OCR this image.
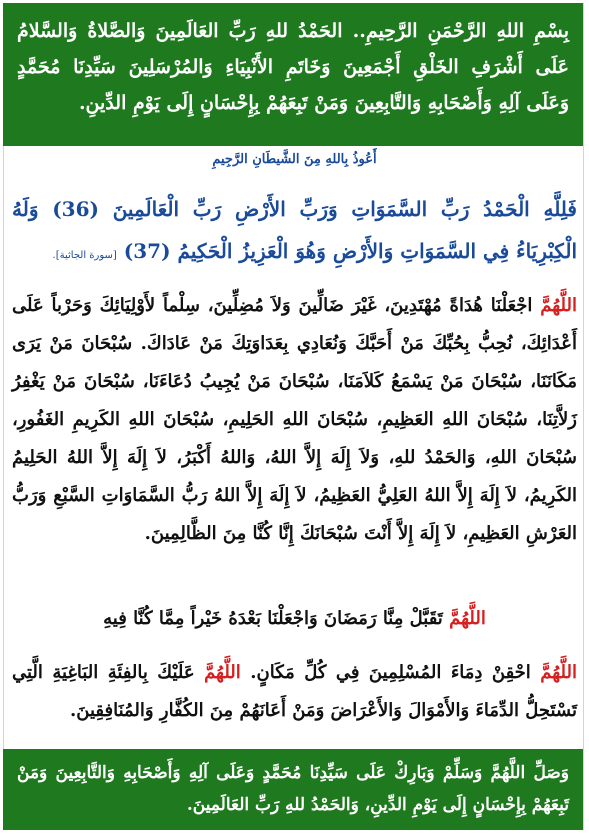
بِسْمِ اللهِ الرَّحْمَنِ الرَّحِيمِ.. الحَمْدُ للهِ رَبِّ العَالَمِينَ وَالصَّلاةُ وَالسَّلامُ عَلَى أَشْرَفِ الخَلْقِ أَجْمَعِينَ وَخَاتَمِ الأَنْبِيَاءِ وَالمُرْسَلِينَ سَيِّدِنَا مُحَمَّدٍ وَعَلَى آلِهِ وَأَصْحَابِهِ وَالتَّابِعِينَ وَمَنْ تَبِعَهُمْ بِإِحْسَانٍ إِلَى يَوْمِ الدِّينِ.
أَعُوذُ بِاللهِ مِنَ الشَّيطَانِ الرَّجِيمِ
فَلِلَّهِ الْحَمْدُ رَبِّ السَّمَوَاتِ وَرَبِّ الأَرْضِ رَبِّ الْعَالَمِينَ (36) وَلَهُ الْكِبْرِيَاءُ فِي السَّمَوَاتِ وَالأَرْضِ وَهُوَ الْعَزِيزُ الْحَكِيمُ (37) [سورة الجاثية].
اللَّهُمَّ اجْعَلْنَا هُدَاةً مُهْتَدِينَ، غَيْرَ ضَالِّينَ وَلاَ مُضِلِّينَ، سِلْماً لأَوْلِيَائِكَ وَحَرْباً عَلَى أَعْدَائِكَ، نُحِبُّ بِحُبِّكَ مَنْ أَحَبَّكَ وَنُعَادِي بِعَدَاوَتِكَ مَنْ عَادَاكَ. سُبْحَانَ مَنْ يَرَى مَكَانَنَا، سُبْحَانَ مَنْ يَسْمَعُ كَلاَمَنَا، سُبْحَانَ مَنْ يُجِيبُ دُعَاءَنَا، سُبْحَانَ مَنْ يَغْفِرُ زَلاَّتِنَا، سُبْحَانَ اللهِ العَظِيمِ، سُبْحَانَ اللهِ الحَلِيمِ، سُبْحَانَ اللهِ الكَرِيمِ الغَفُورِ، سُبْحَانَ اللهِ، وَالحَمْدُ للهِ، وَلاَ إِلَهَ إِلاَّ اللهُ، وَاللهُ أَكْبَرُ، لاَ إِلَهَ إِلاَّ اللهُ الحَلِيمُ الكَرِيمُ، لاَ إِلَهَ إِلاَّ اللهُ العَلِيُّ العَظِيمُ، لاَ إِلَهَ إِلاَّ اللهُ رَبُّ السَّمَاوَاتِ السَّبْعِ وَرَبُّ العَرْشِ العَظِيمِ، لاَ إِلَهَ إِلاَّ أَنْتَ سُبْحَانَكَ إِنَّا كُنَّا مِنَ الظَّالِمِينَ.
اللَّهُمَّ تَقَبَّلْ مِنَّا رَمَضَانَ وَاجْعَلْنَا بَعْدَهُ خَيْراً مِمَّا كُنَّا فِيهِ
اللَّهُمَّ احْقِنْ دِمَاءَ المُسْلِمِينَ فِي كُلِّ مَكَانٍ. اللَّهُمَّ عَلَيْكَ بِالفِئَةِ البَاغِيَةِ الَّتِي تَسْتَحِلُّ الدِّمَاءَ وَالأَمْوَالَ وَالأَعْرَاضَ وَمَنْ أَعَانَهُمْ مِنَ الكُفَّارِ وَالمُنَافِقِينَ.
وَصَلِّ اللَّهُمَّ وَسَلِّمْ وَبَارِكْ عَلَى سَيِّدِنَا مُحَمَّدٍ وَعَلَى آلِهِ وَأَصْحَابِهِ وَالتَّابِعِينَ وَمَنْ تَبِعَهُمْ بِإِحْسَانٍ إِلَى يَوْمِ الدِّينِ، وَالحَمْدُ للهِ رَبِّ العَالَمِينَ.
